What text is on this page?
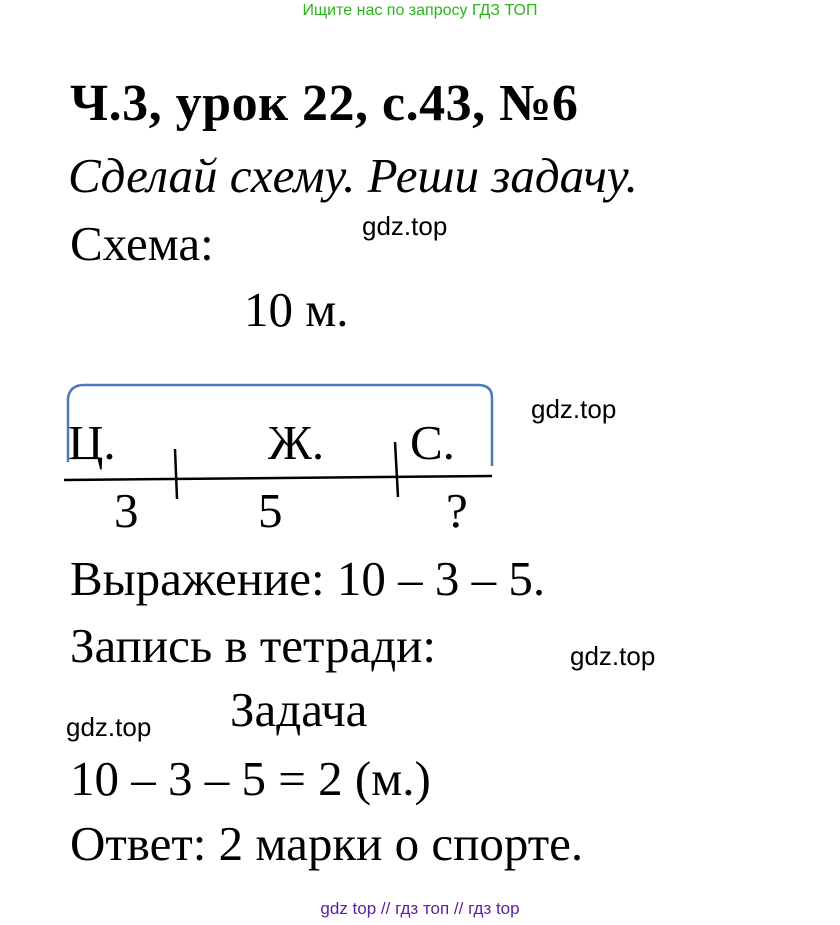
Ищите нас по запросу ГДЗ ТОП
Ч.3, урок 22, с.43, №6
Сделай схему. Реши задачу.
Схема:	gdz.top
10 м.
Ц.	Ж. С.
3 5	?
gdz.top
Выражение: 10 – 3 – 5.
Запись в тетради:	gdz.top
Задача
gdz.top
10 – 3 – 5 = 2 (м.)
Ответ: 2 марки о спорте.
gdz top // гдз топ // гдз top
